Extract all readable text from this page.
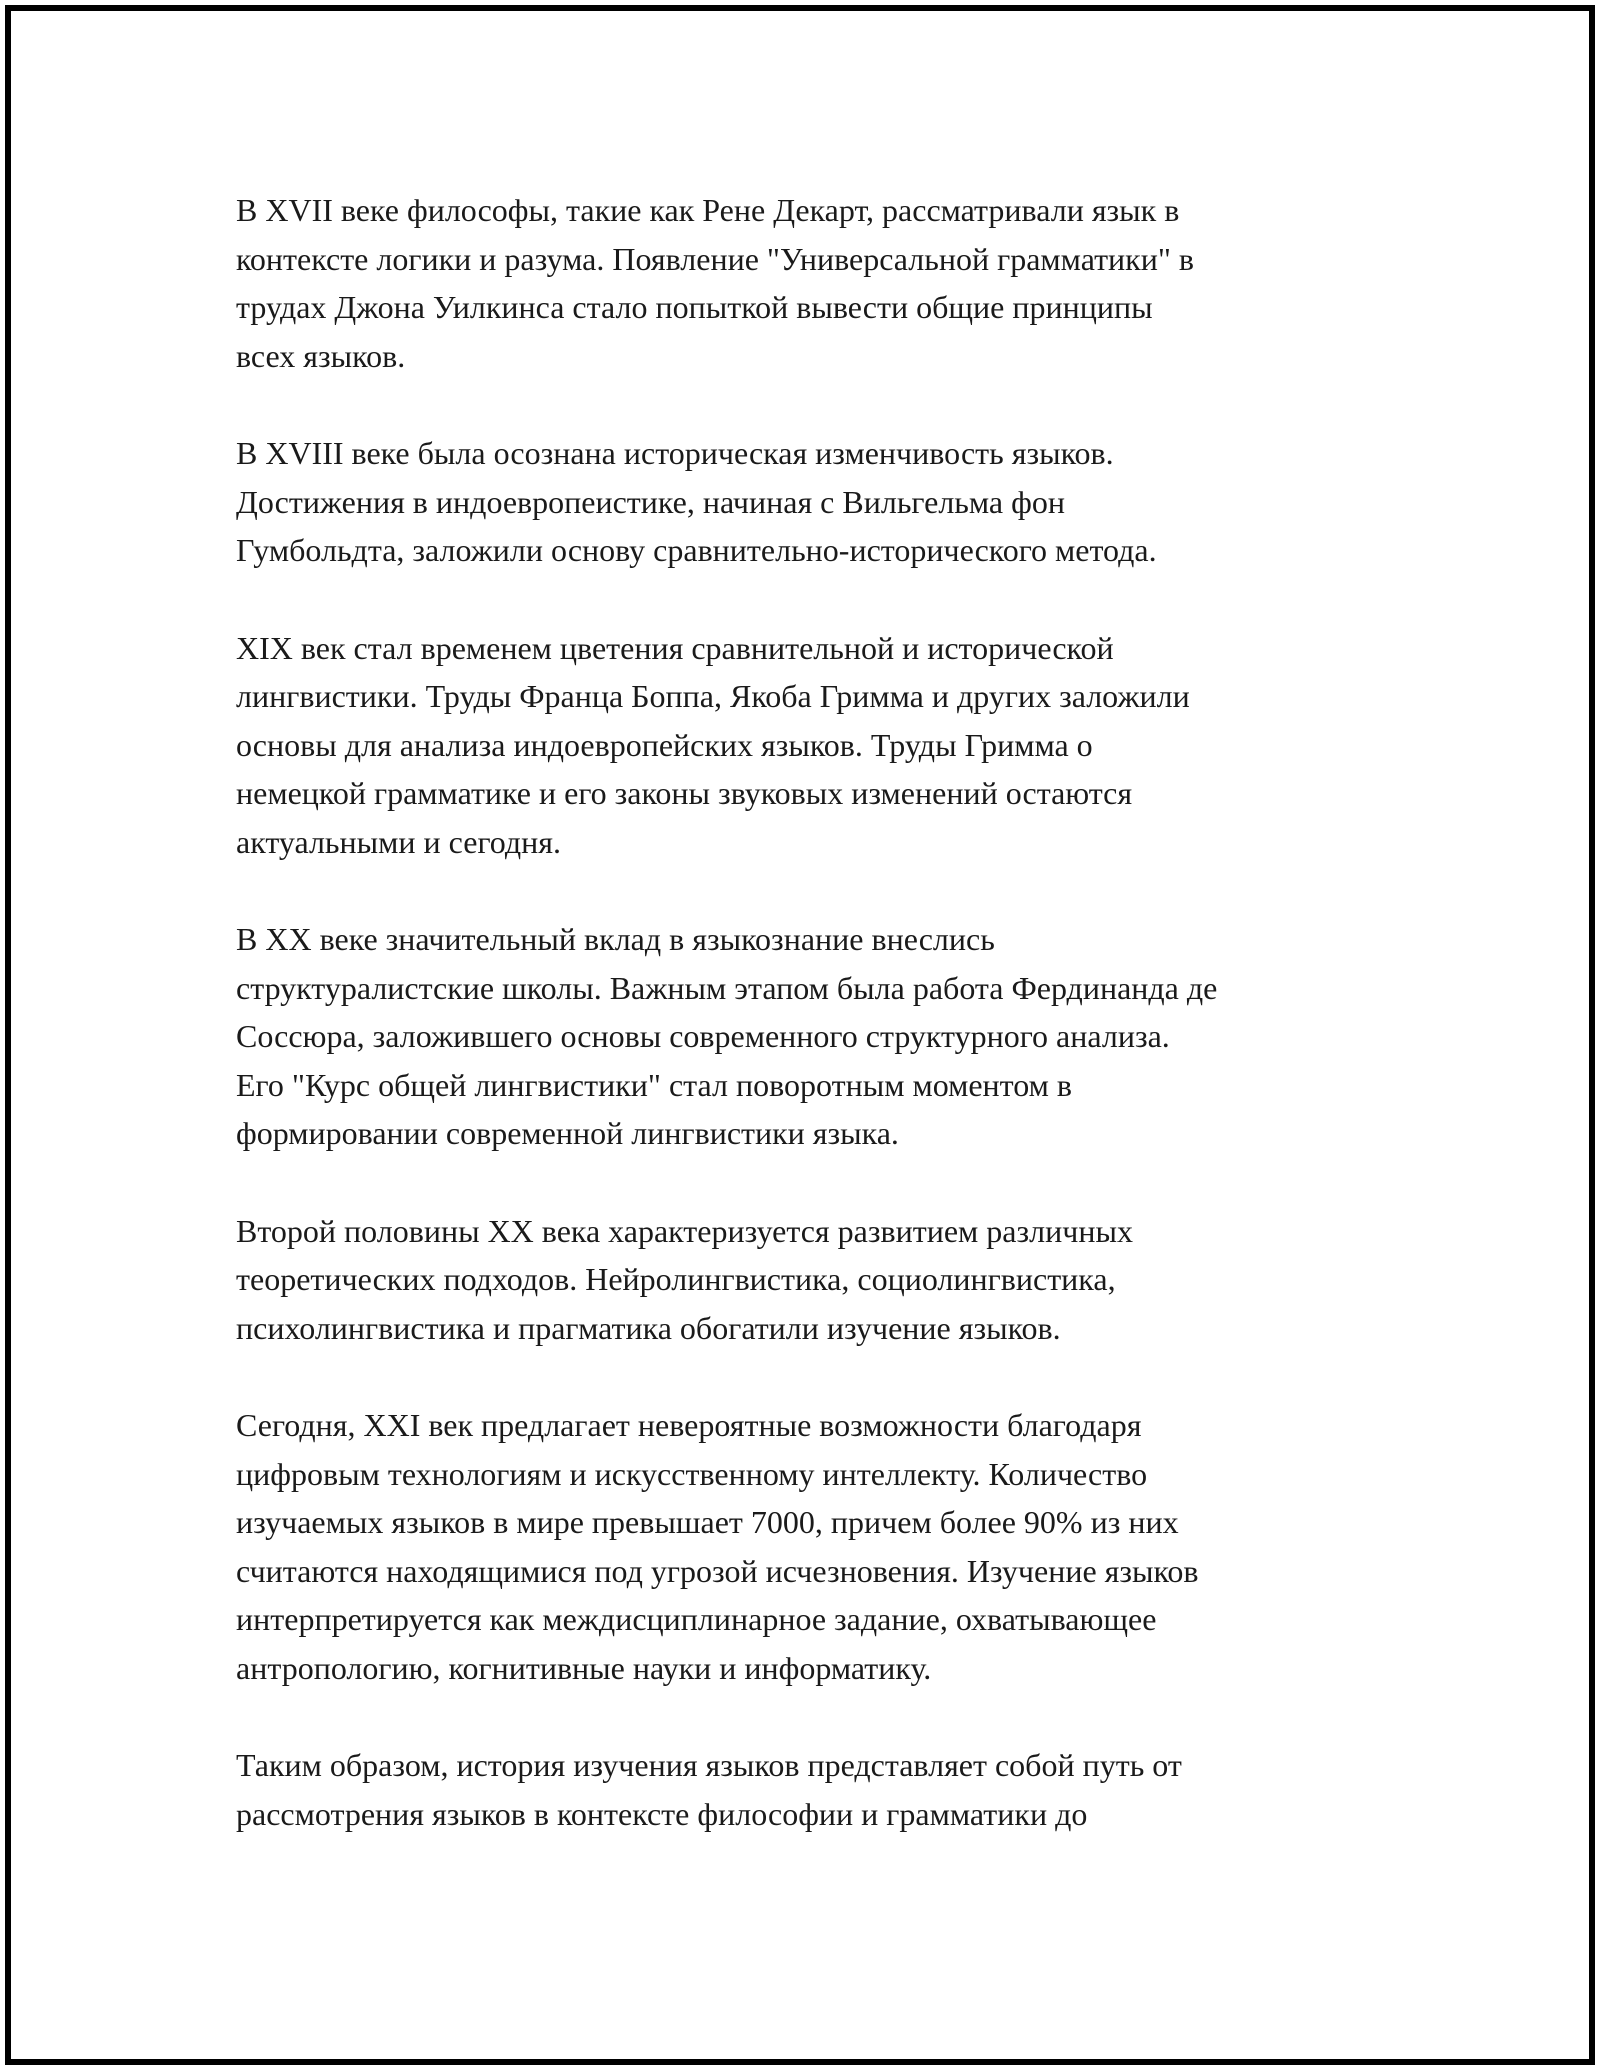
В XVII веке философы, такие как Рене Декарт, рассматривали язык в
контексте логики и разума. Появление "Универсальной грамматики" в
трудах Джона Уилкинса стало попыткой вывести общие принципы
всех языков.

В XVIII веке была осознана историческая изменчивость языков.
Достижения в индоевропеистике, начиная с Вильгельма фон
Гумбольдта, заложили основу сравнительно-исторического метода.

XIX век стал временем цветения сравнительной и исторической
лингвистики. Труды Франца Боппа, Якоба Гримма и других заложили
основы для анализа индоевропейских языков. Труды Гримма о
немецкой грамматике и его законы звуковых изменений остаются
актуальными и сегодня.

В XX веке значительный вклад в языкознание внеслись
структуралистские школы. Важным этапом была работа Фердинанда де
Соссюра, заложившего основы современного структурного анализа.
Его "Курс общей лингвистики" стал поворотным моментом в
формировании современной лингвистики языка.

Второй половины XX века характеризуется развитием различных
теоретических подходов. Нейролингвистика, социолингвистика,
психолингвистика и прагматика обогатили изучение языков.

Сегодня, XXI век предлагает невероятные возможности благодаря
цифровым технологиям и искусственному интеллекту. Количество
изучаемых языков в мире превышает 7000, причем более 90% из них
считаются находящимися под угрозой исчезновения. Изучение языков
интерпретируется как междисциплинарное задание, охватывающее
антропологию, когнитивные науки и информатику.

Таким образом, история изучения языков представляет собой путь от
рассмотрения языков в контексте философии и грамматики до
